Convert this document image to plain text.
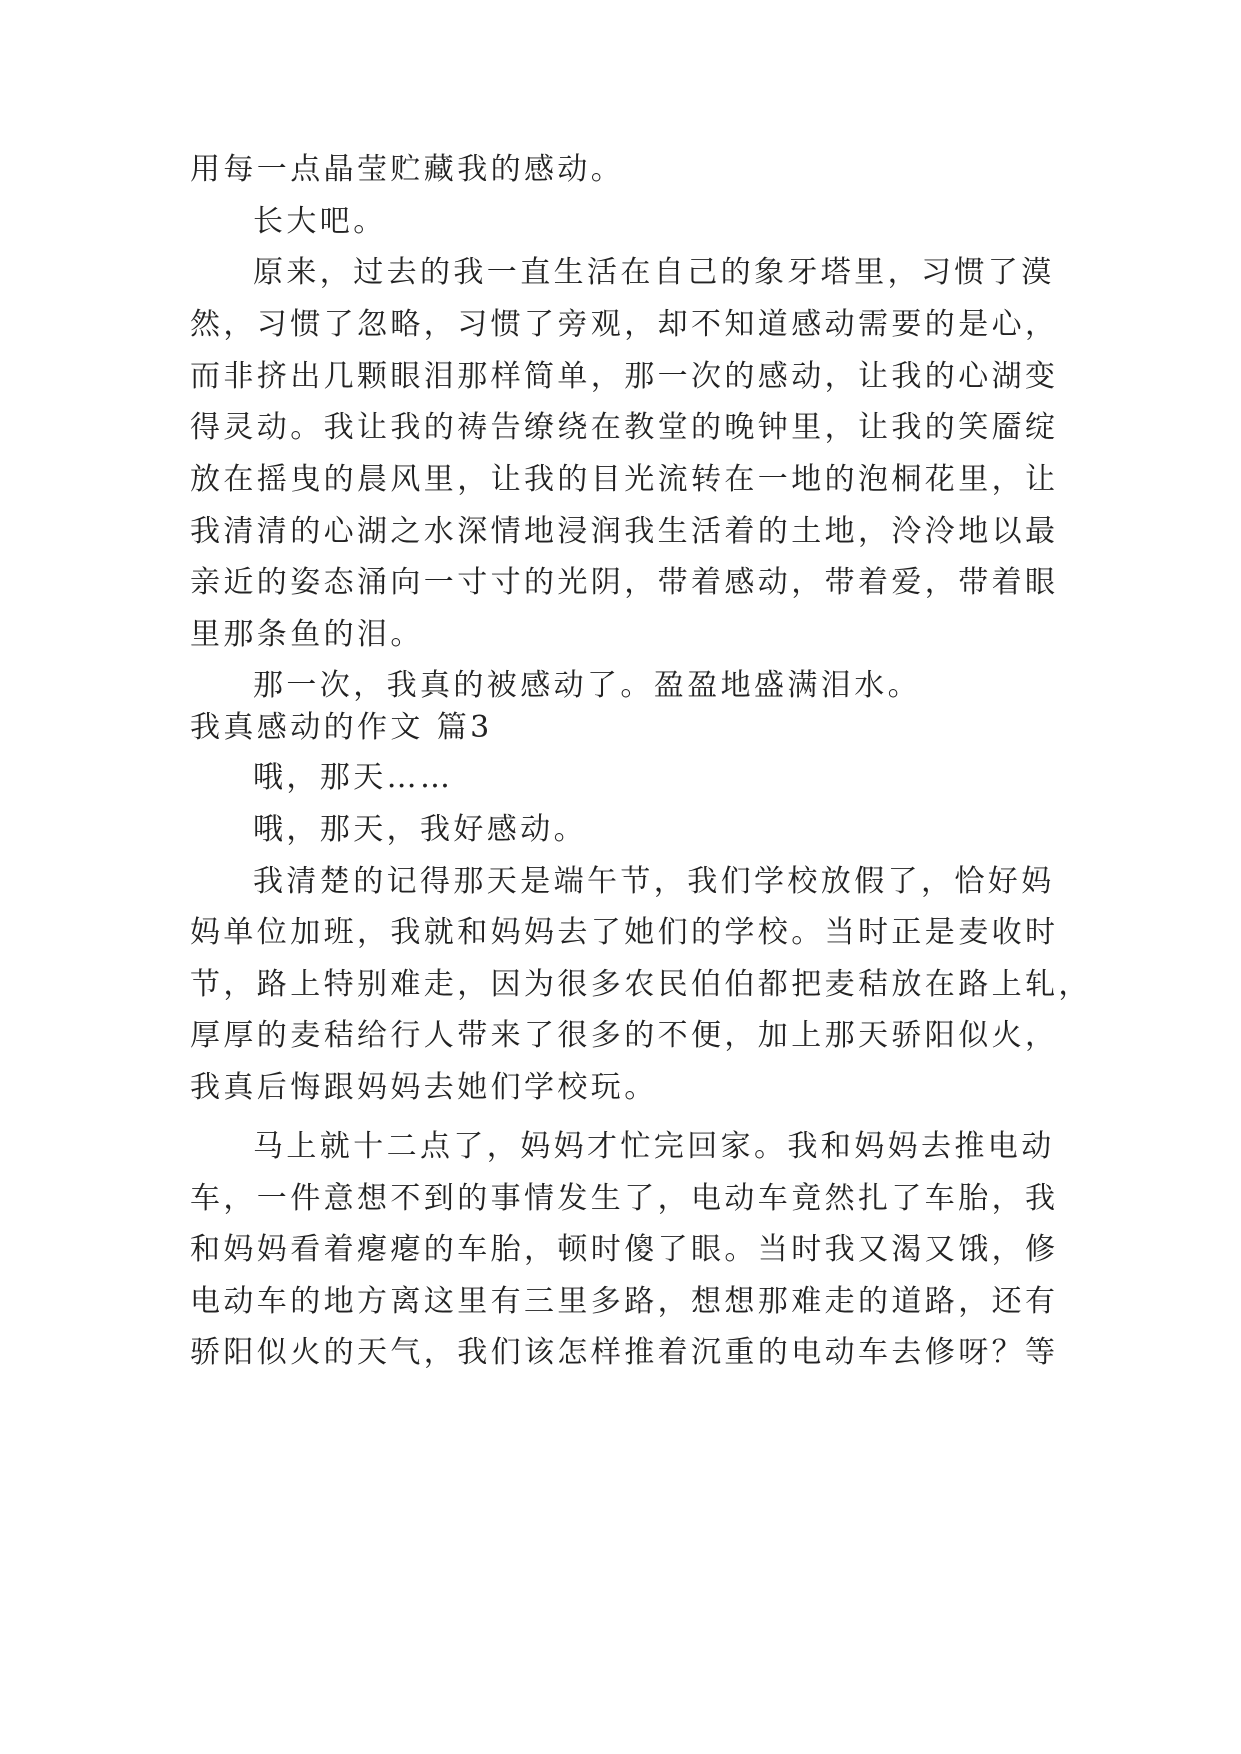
用每一点晶莹贮藏我的感动。
长大吧。
原来，过去的我一直生活在自己的象牙塔里，习惯了漠
然，习惯了忽略，习惯了旁观，却不知道感动需要的是心，
而非挤出几颗眼泪那样简单，那一次的感动，让我的心湖变
得灵动。我让我的祷告缭绕在教堂的晚钟里，让我的笑靥绽
放在摇曳的晨风里，让我的目光流转在一地的泡桐花里，让
我清清的心湖之水深情地浸润我生活着的土地，泠泠地以最
亲近的姿态涌向一寸寸的光阴，带着感动，带着爱，带着眼
里那条鱼的泪。
那一次，我真的被感动了。盈盈地盛满泪水。
我真感动的作文 篇3
哦，那天……
哦，那天，我好感动。
我清楚的记得那天是端午节，我们学校放假了，恰好妈
妈单位加班，我就和妈妈去了她们的学校。当时正是麦收时
节，路上特别难走，因为很多农民伯伯都把麦秸放在路上轧，
厚厚的麦秸给行人带来了很多的不便，加上那天骄阳似火，
我真后悔跟妈妈去她们学校玩。
马上就十二点了，妈妈才忙完回家。我和妈妈去推电动
车，一件意想不到的事情发生了，电动车竟然扎了车胎，我
和妈妈看着瘪瘪的车胎，顿时傻了眼。当时我又渴又饿，修
电动车的地方离这里有三里多路，想想那难走的道路，还有
骄阳似火的天气，我们该怎样推着沉重的电动车去修呀？等
